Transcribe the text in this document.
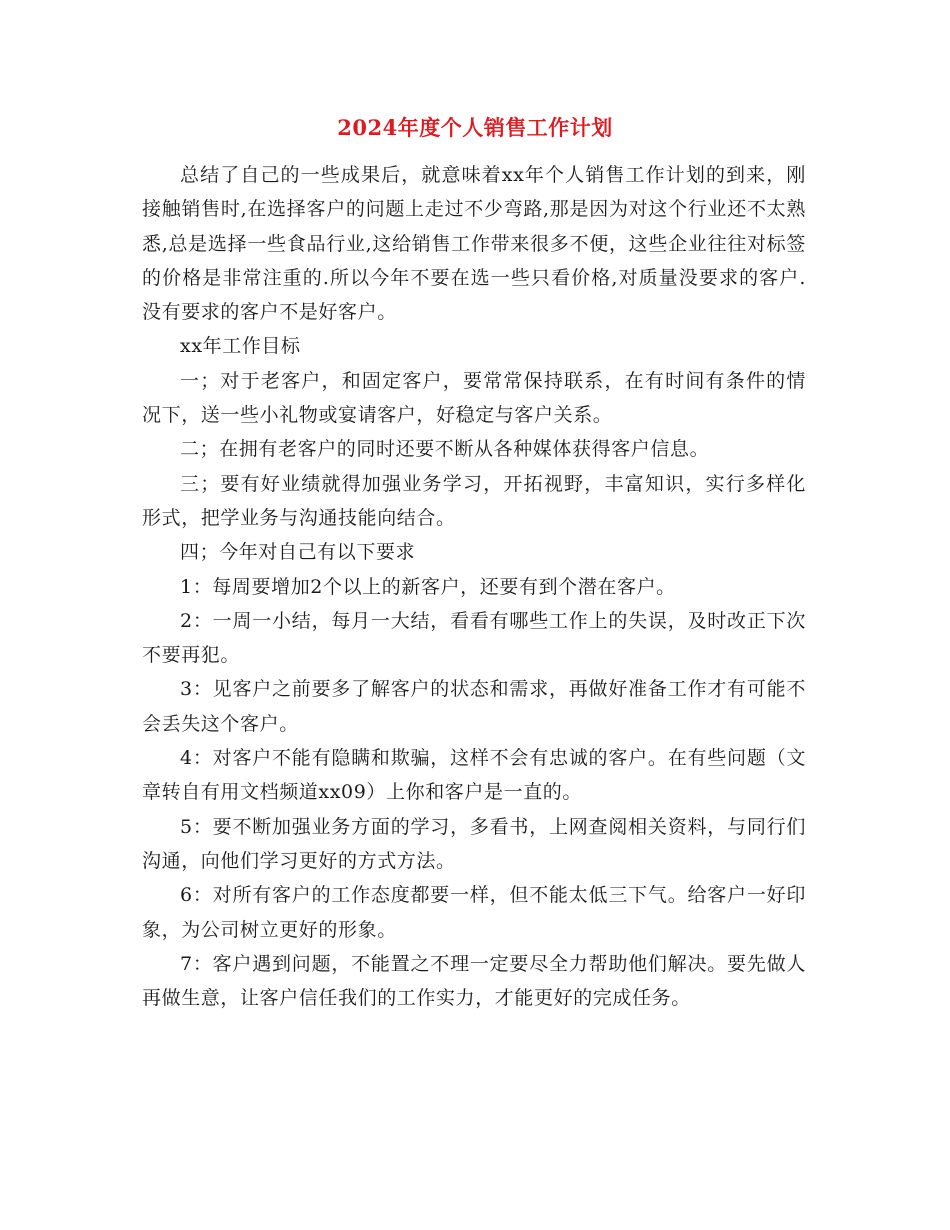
2024年度个人销售工作计划

总结了自己的一些成果后，就意味着xx年个人销售工作计划的到来，刚接触销售时,在选择客户的问题上走过不少弯路,那是因为对这个行业还不太熟悉,总是选择一些食品行业,这给销售工作带来很多不便，这些企业往往对标签的价格是非常注重的.所以今年不要在选一些只看价格,对质量没要求的客户.没有要求的客户不是好客户。

xx年工作目标

一；对于老客户，和固定客户，要常常保持联系，在有时间有条件的情况下，送一些小礼物或宴请客户，好稳定与客户关系。

二；在拥有老客户的同时还要不断从各种媒体获得客户信息。

三；要有好业绩就得加强业务学习，开拓视野，丰富知识，实行多样化形式，把学业务与沟通技能向结合。

四；今年对自己有以下要求

1：每周要增加2个以上的新客户，还要有到个潜在客户。

2：一周一小结，每月一大结，看看有哪些工作上的失误，及时改正下次不要再犯。

3：见客户之前要多了解客户的状态和需求，再做好准备工作才有可能不会丢失这个客户。

4：对客户不能有隐瞒和欺骗，这样不会有忠诚的客户。在有些问题（文章转自有用文档频道xx09）上你和客户是一直的。

5：要不断加强业务方面的学习，多看书，上网查阅相关资料，与同行们沟通，向他们学习更好的方式方法。

6：对所有客户的工作态度都要一样，但不能太低三下气。给客户一好印象，为公司树立更好的形象。

7：客户遇到问题，不能置之不理一定要尽全力帮助他们解决。要先做人再做生意，让客户信任我们的工作实力，才能更好的完成任务。
